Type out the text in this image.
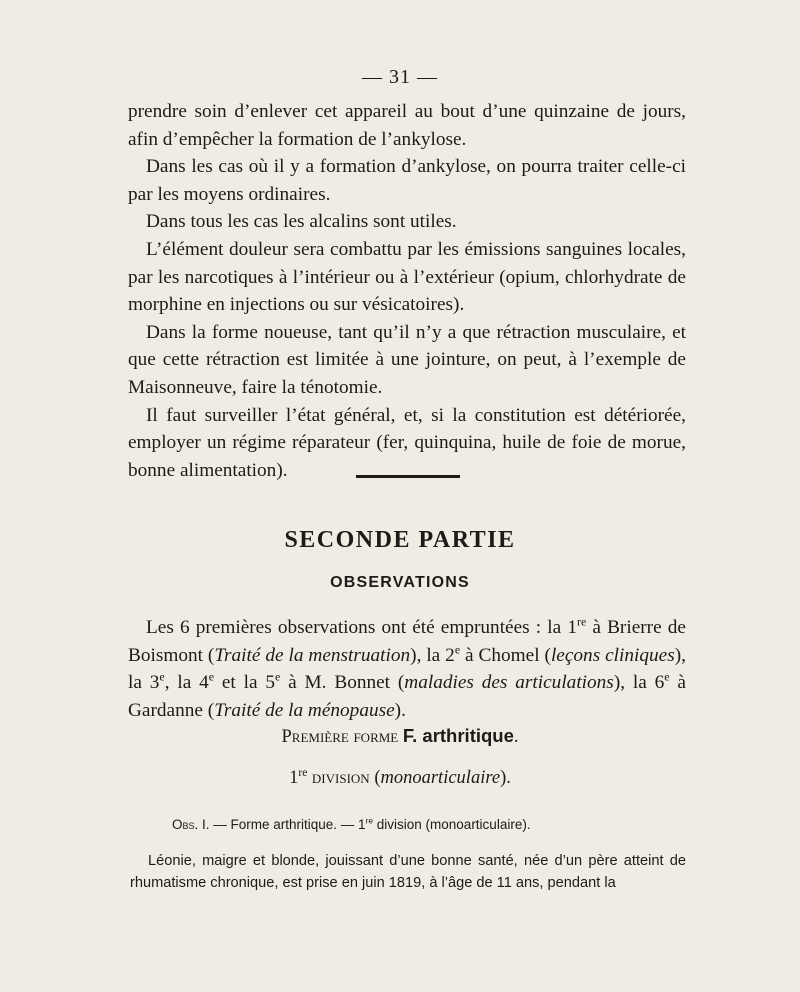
— 31 —

prendre soin d’enlever cet appareil au bout d’une quinzaine de jours, afin d’empêcher la formation de l’ankylose.

Dans les cas où il y a formation d’ankylose, on pourra traiter celle-ci par les moyens ordinaires.

Dans tous les cas les alcalins sont utiles.

L’élément douleur sera combattu par les émissions sanguines locales, par les narcotiques à l’intérieur ou à l’extérieur (opium, chlorhydrate de morphine en injections ou sur vésicatoires).

Dans la forme noueuse, tant qu’il n’y a que rétraction musculaire, et que cette rétraction est limitée à une jointure, on peut, à l’exemple de Maisonneuve, faire la ténotomie.

Il faut surveiller l’état général, et, si la constitution est détériorée, employer un régime réparateur (fer, quinquina, huile de foie de morue, bonne alimentation).

SECONDE PARTIE
OBSERVATIONS

Les 6 premières observations ont été empruntées : la 1re à Brierre de Boismont (Traité de la menstruation), la 2e à Chomel (leçons cliniques), la 3e, la 4e et la 5e à M. Bonnet (maladies des articulations), la 6e à Gardanne (Traité de la ménopause).

Première forme F. arthritique.
1re division (monoarticulaire).
Obs. I. — Forme arthritique. — 1re division (monoarticulaire).

Léonie, maigre et blonde, jouissant d’une bonne santé, née d’un père atteint de rhumatisme chronique, est prise en juin 1819, à l’âge de 11 ans, pendant la
